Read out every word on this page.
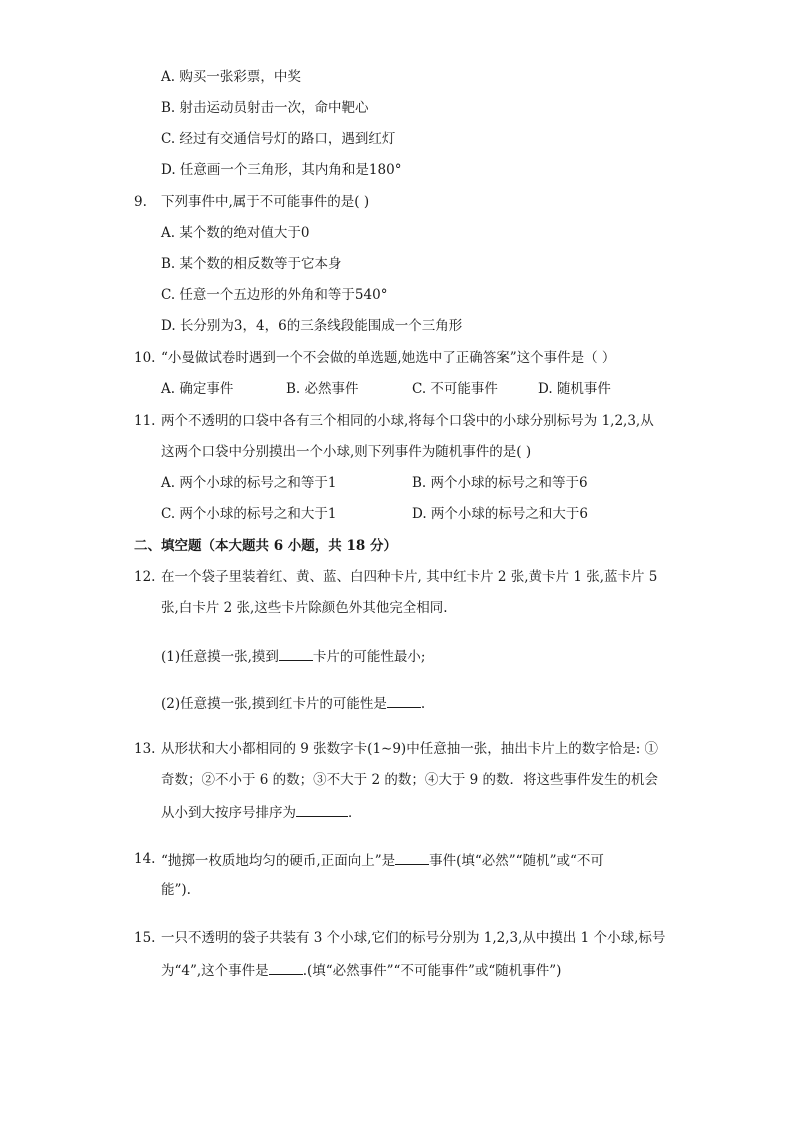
A. 购买一张彩票，中奖
B. 射击运动员射击一次，命中靶心
C. 经过有交通信号灯的路口，遇到红灯
D. 任意画一个三角形，其内角和是180°
9. 下列事件中,属于不可能事件的是( )
A. 某个数的绝对值大于0
B. 某个数的相反数等于它本身
C. 任意一个五边形的外角和等于540°
D. 长分别为3，4，6的三条线段能围成一个三角形
10. “小曼做试卷时遇到一个不会做的单选题,她选中了正确答案”这个事件是（ ）
A. 确定事件	B. 必然事件	C. 不可能事件	D. 随机事件
11. 两个不透明的口袋中各有三个相同的小球,将每个口袋中的小球分别标号为 1,2,3,从
这两个口袋中分别摸出一个小球,则下列事件为随机事件的是( )
A. 两个小球的标号之和等于1	B. 两个小球的标号之和等于6
C. 两个小球的标号之和大于1	D. 两个小球的标号之和大于6
二、填空题（本大题共 6 小题，共 18 分）
12. 在一个袋子里装着红、黄、蓝、白四种卡片, 其中红卡片 2 张,黄卡片 1 张,蓝卡片 5
张,白卡片 2 张,这些卡片除颜色外其他完全相同.
(1)任意摸一张,摸到	卡片的可能性最小;
(2)任意摸一张,摸到红卡片的可能性是	.
13. 从形状和大小都相同的 9 张数字卡(1∼9)中任意抽一张，抽出卡片上的数字恰是: ①
奇数；②不小于 6 的数；③不大于 2 的数；④大于 9 的数．将这些事件发生的机会
从小到大按序号排序为	．
14. “抛掷一枚质地均匀的硬币,正面向上”是	事件(填“必然”“随机”或“不可
能”).
15. 一只不透明的袋子共装有 3 个小球,它们的标号分别为 1,2,3,从中摸出 1 个小球,标号
为“4”,这个事件是	.(填“必然事件”“不可能事件”或“随机事件”)
